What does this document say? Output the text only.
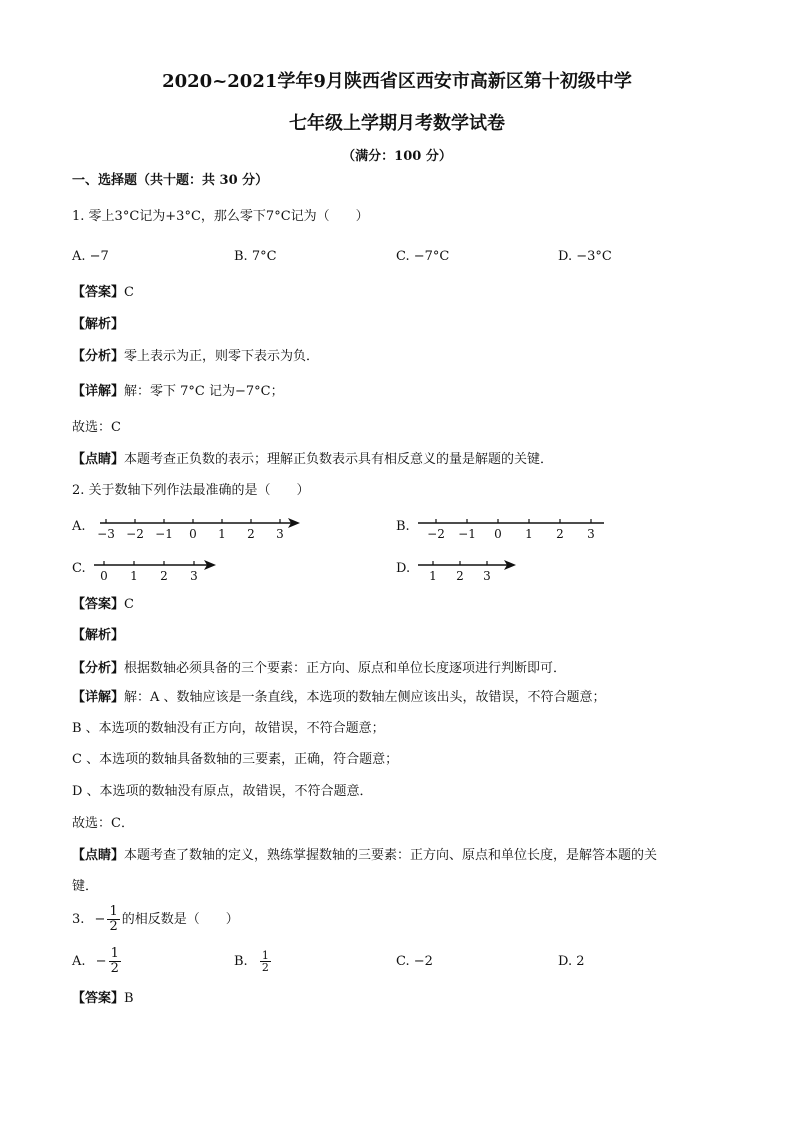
2020~2021学年9月陕西省区西安市高新区第十初级中学
七年级上学期月考数学试卷
（满分：100 分）
一、选择题（共十题：共 30 分）
1. 零上3°C记为+3°C，那么零下7°C记为（　　）
A. −7	B. 7°C	C. −7°C	D. −3°C
【答案】C
【解析】
【分析】零上表示为正，则零下表示为负．
【详解】解：零下 7°C 记为−7°C；
故选：C
【点睛】本题考查正负数的表示；理解正负数表示具有相反意义的量是解题的关键．
2. 关于数轴下列作法最准确的是（　　）
A. −3 −2 −1 0 1 2 3	B. −2 −1 0 1 2 3
C. 0 1 2 3	D. 1 2 3
【答案】C
【解析】
【分析】根据数轴必须具备的三个要素：正方向、原点和单位长度逐项进行判断即可．
【详解】解：A 、数轴应该是一条直线，本选项的数轴左侧应该出头，故错误，不符合题意；
B 、本选项的数轴没有正方向，故错误，不符合题意；
C 、本选项的数轴具备数轴的三要素，正确，符合题意；
D 、本选项的数轴没有原点，故错误，不符合题意．
故选：C．
【点睛】本题考查了数轴的定义，熟练掌握数轴的三要素：正方向、原点和单位长度，是解答本题的关
键．
3. − $\frac{1}{2}$ 的相反数是（　　）
A. − $\frac{1}{2}$	B. $\frac{1}{2}$	C. −2	D. 2
【答案】B
